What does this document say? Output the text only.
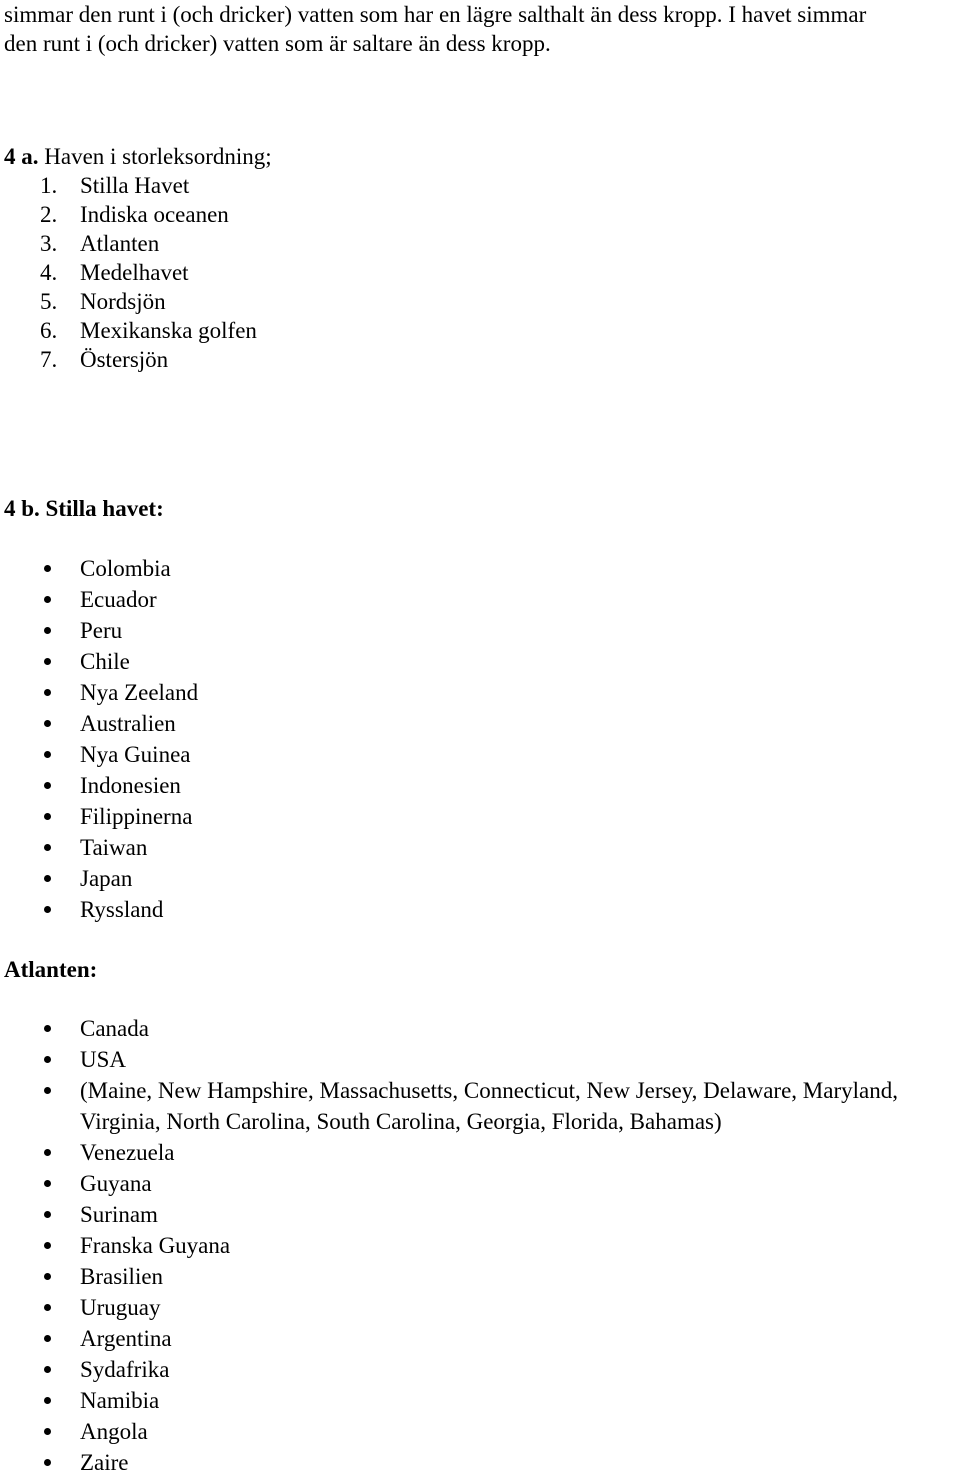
simmar den runt i (och dricker) vatten som har en lägre salthalt än dess kropp. I havet simmar
den runt i (och dricker) vatten som är saltare än dess kropp.

4 a. Haven i storleksordning;

1. Stilla Havet
2. Indiska oceanen
3. Atlanten
4. Medelhavet
5. Nordsjön
6. Mexikanska golfen
7. Östersjön

4 b. Stilla havet:

Colombia
Ecuador
Peru
Chile
Nya Zeeland
Australien
Nya Guinea
Indonesien
Filippinerna
Taiwan
Japan
Ryssland

Atlanten:

Canada
USA
(Maine, New Hampshire, Massachusetts, Connecticut, New Jersey, Delaware, Maryland, Virginia, North Carolina, South Carolina, Georgia, Florida, Bahamas)
Venezuela
Guyana
Surinam
Franska Guyana
Brasilien
Uruguay
Argentina
Sydafrika
Namibia
Angola
Zaire
